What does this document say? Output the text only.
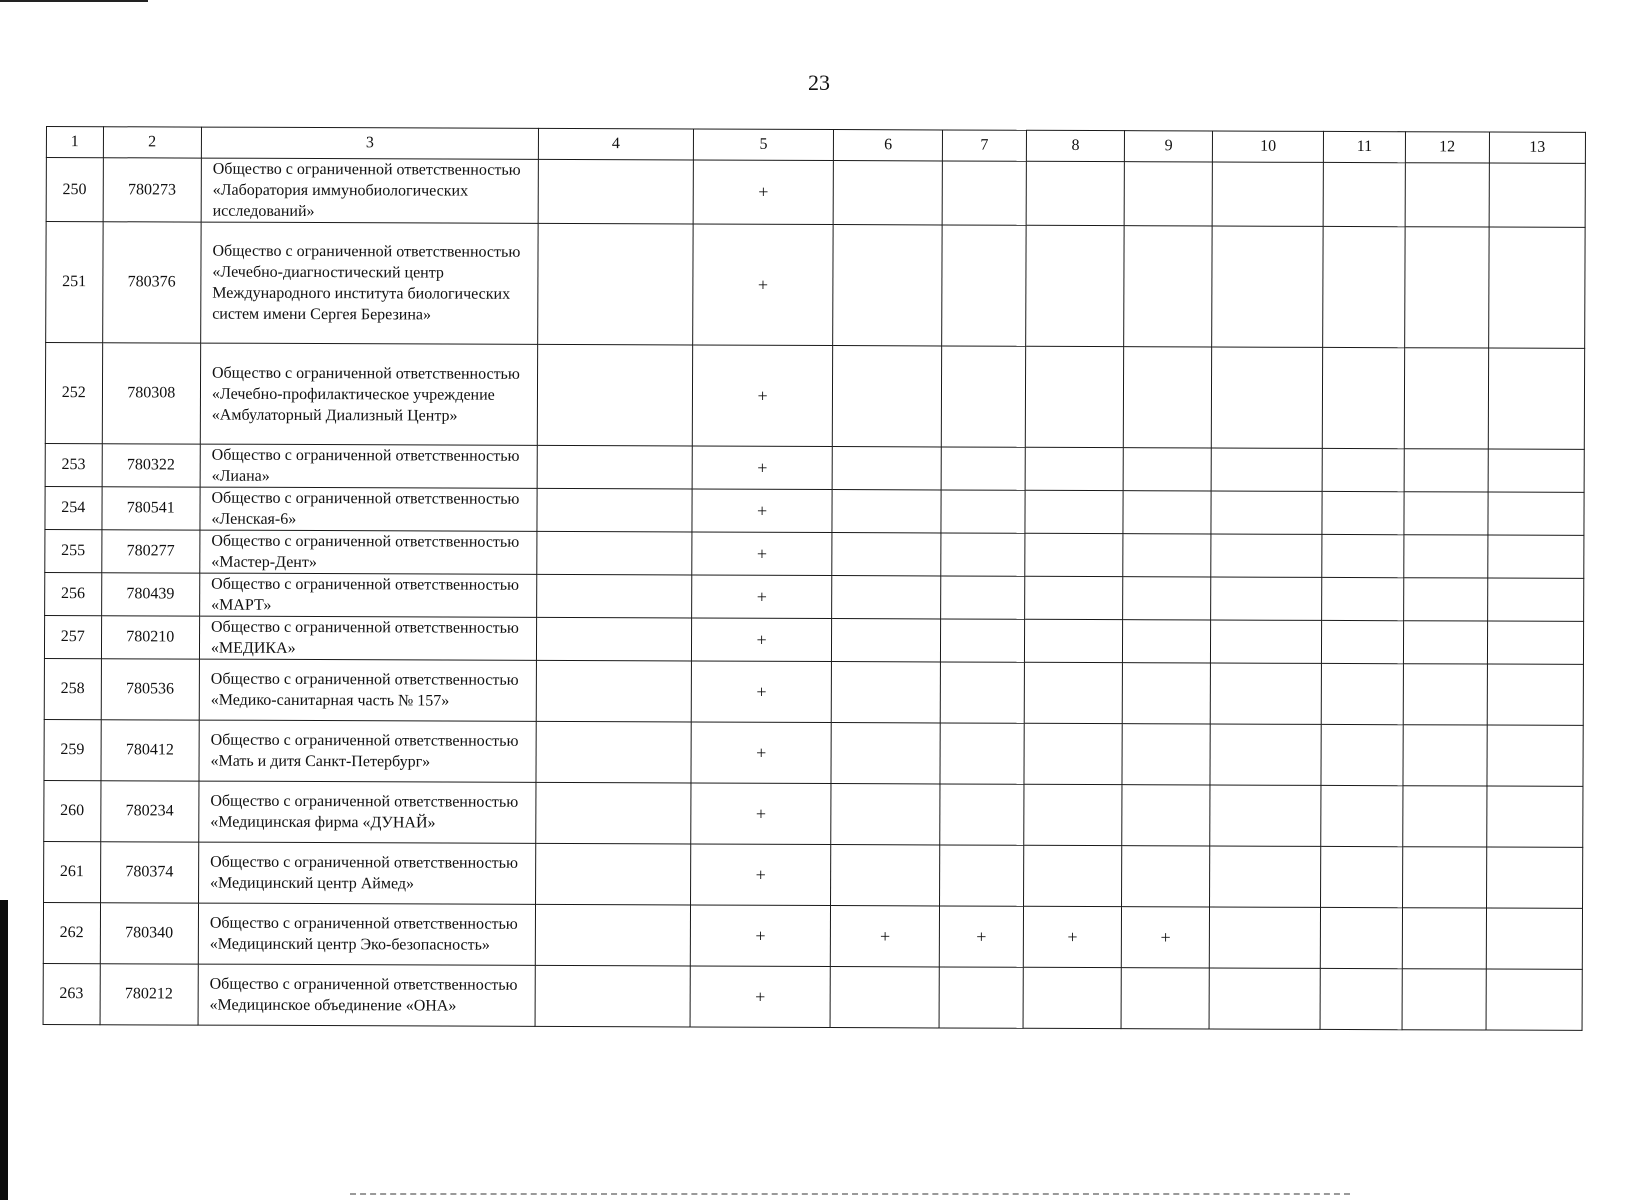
23
1	2	3	4	5	6	7	8	9	10	11	12	13
250	780273	Общество с ограниченной ответственностью «Лаборатория иммунобиологических исследований»		+								
251	780376	Общество с ограниченной ответственностью «Лечебно-диагностический центр Международного института биологических систем имени Сергея Березина»		+								
252	780308	Общество с ограниченной ответственностью «Лечебно-профилактическое учреждение «Амбулаторный Диализный Центр»		+								
253	780322	Общество с ограниченной ответственностью «Лиана»		+								
254	780541	Общество с ограниченной ответственностью «Ленская-6»		+								
255	780277	Общество с ограниченной ответственностью «Мастер-Дент»		+								
256	780439	Общество с ограниченной ответственностью «МАРТ»		+								
257	780210	Общество с ограниченной ответственностью «МЕДИКА»		+								
258	780536	Общество с ограниченной ответственностью «Медико-санитарная часть № 157»		+								
259	780412	Общество с ограниченной ответственностью «Мать и дитя Санкт-Петербург»		+								
260	780234	Общество с ограниченной ответственностью «Медицинская фирма «ДУНАЙ»		+								
261	780374	Общество с ограниченной ответственностью «Медицинский центр Аймед»		+								
262	780340	Общество с ограниченной ответственностью «Медицинский центр Эко-безопасность»		+	+	+	+	+				
263	780212	Общество с ограниченной ответственностью «Медицинское объединение «ОНА»		+								
